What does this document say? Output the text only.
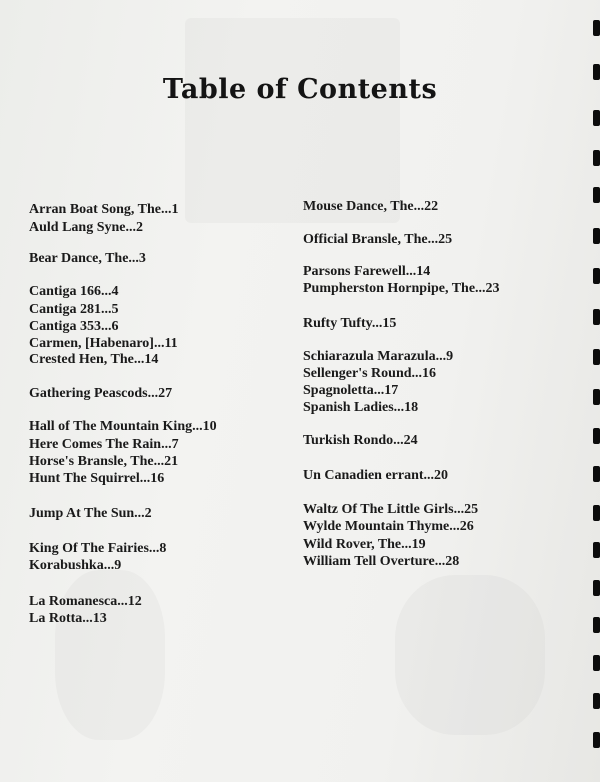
Table of Contents
Arran Boat Song, The...1
Auld Lang Syne...2
Bear Dance, The...3
Cantiga 166...4
Cantiga 281...5
Cantiga 353...6
Carmen, [Habenaro]...11
Crested Hen, The...14
Gathering Peascods...27
Hall of The Mountain King...10
Here Comes The Rain...7
Horse's Bransle, The...21
Hunt The Squirrel...16
Jump At The Sun...2
King Of The Fairies...8
Korabushka...9
La Romanesca...12
La Rotta...13
Mouse Dance, The...22
Official Bransle, The...25
Parsons Farewell...14
Pumpherston Hornpipe, The...23
Rufty Tufty...15
Schiarazula Marazula...9
Sellenger's Round...16
Spagnoletta...17
Spanish Ladies...18
Turkish Rondo...24
Un Canadien errant...20
Waltz Of The Little Girls...25
Wylde Mountain Thyme...26
Wild Rover, The...19
William Tell Overture...28
